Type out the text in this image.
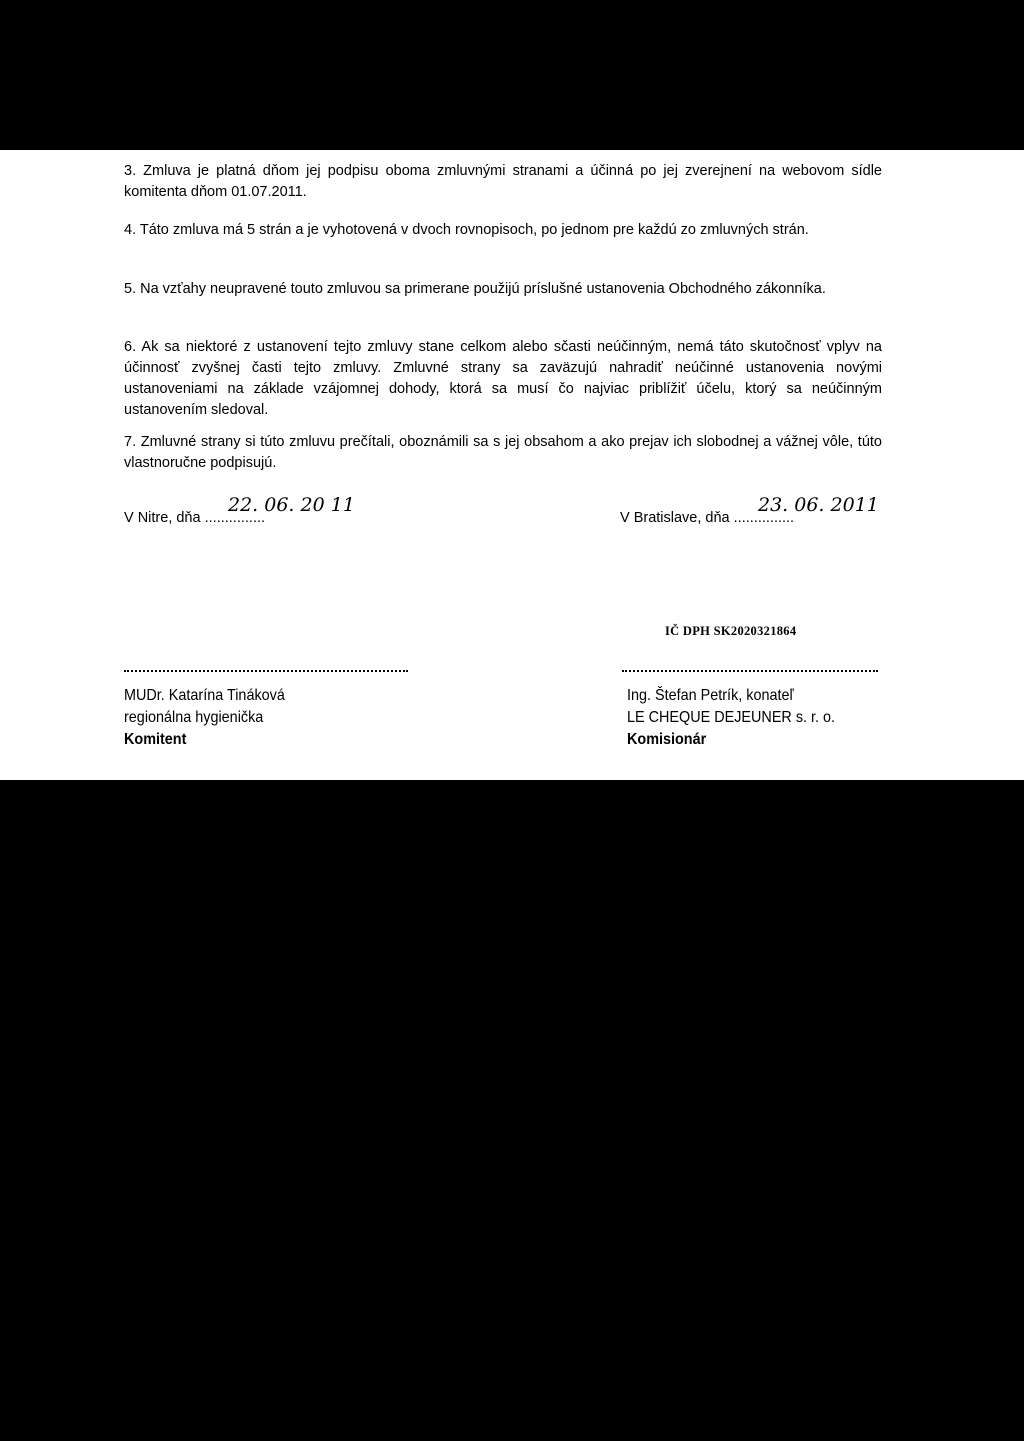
3. Zmluva je platná dňom jej podpisu oboma zmluvnými stranami a účinná po jej zverejnení na webovom sídle komitenta dňom 01.07.2011.

4. Táto zmluva má 5 strán a je vyhotovená v dvoch rovnopisoch, po jednom pre každú zo zmluvných strán.

5. Na vzťahy neupravené touto zmluvou sa primerane použijú príslušné ustanovenia Obchodného zákonníka.

6. Ak sa niektoré z ustanovení tejto zmluvy stane celkom alebo sčasti neúčinným, nemá táto skutočnosť vplyv na účinnosť zvyšnej časti tejto zmluvy. Zmluvné strany sa zaväzujú nahradiť neúčinné ustanovenia novými ustanoveniami na základe vzájomnej dohody, ktorá sa musí čo najviac priblížiť účelu, ktorý sa neúčinným ustanovením sledoval.

7. Zmluvné strany si túto zmluvu prečítali, oboznámili sa s jej obsahom a ako prejav ich slobodnej a vážnej vôle, túto vlastnoručne podpisujú.

V Nitre, dňa ...............
22. 06. 20 11
V Bratislave, dňa ...............
23. 06. 2011
IČ DPH SK2020321864
MUDr. Katarína Tináková
regionálna hygienička
Komitent
Ing. Štefan Petrík, konateľ
LE CHEQUE DEJEUNER s. r. o.
Komisionár
